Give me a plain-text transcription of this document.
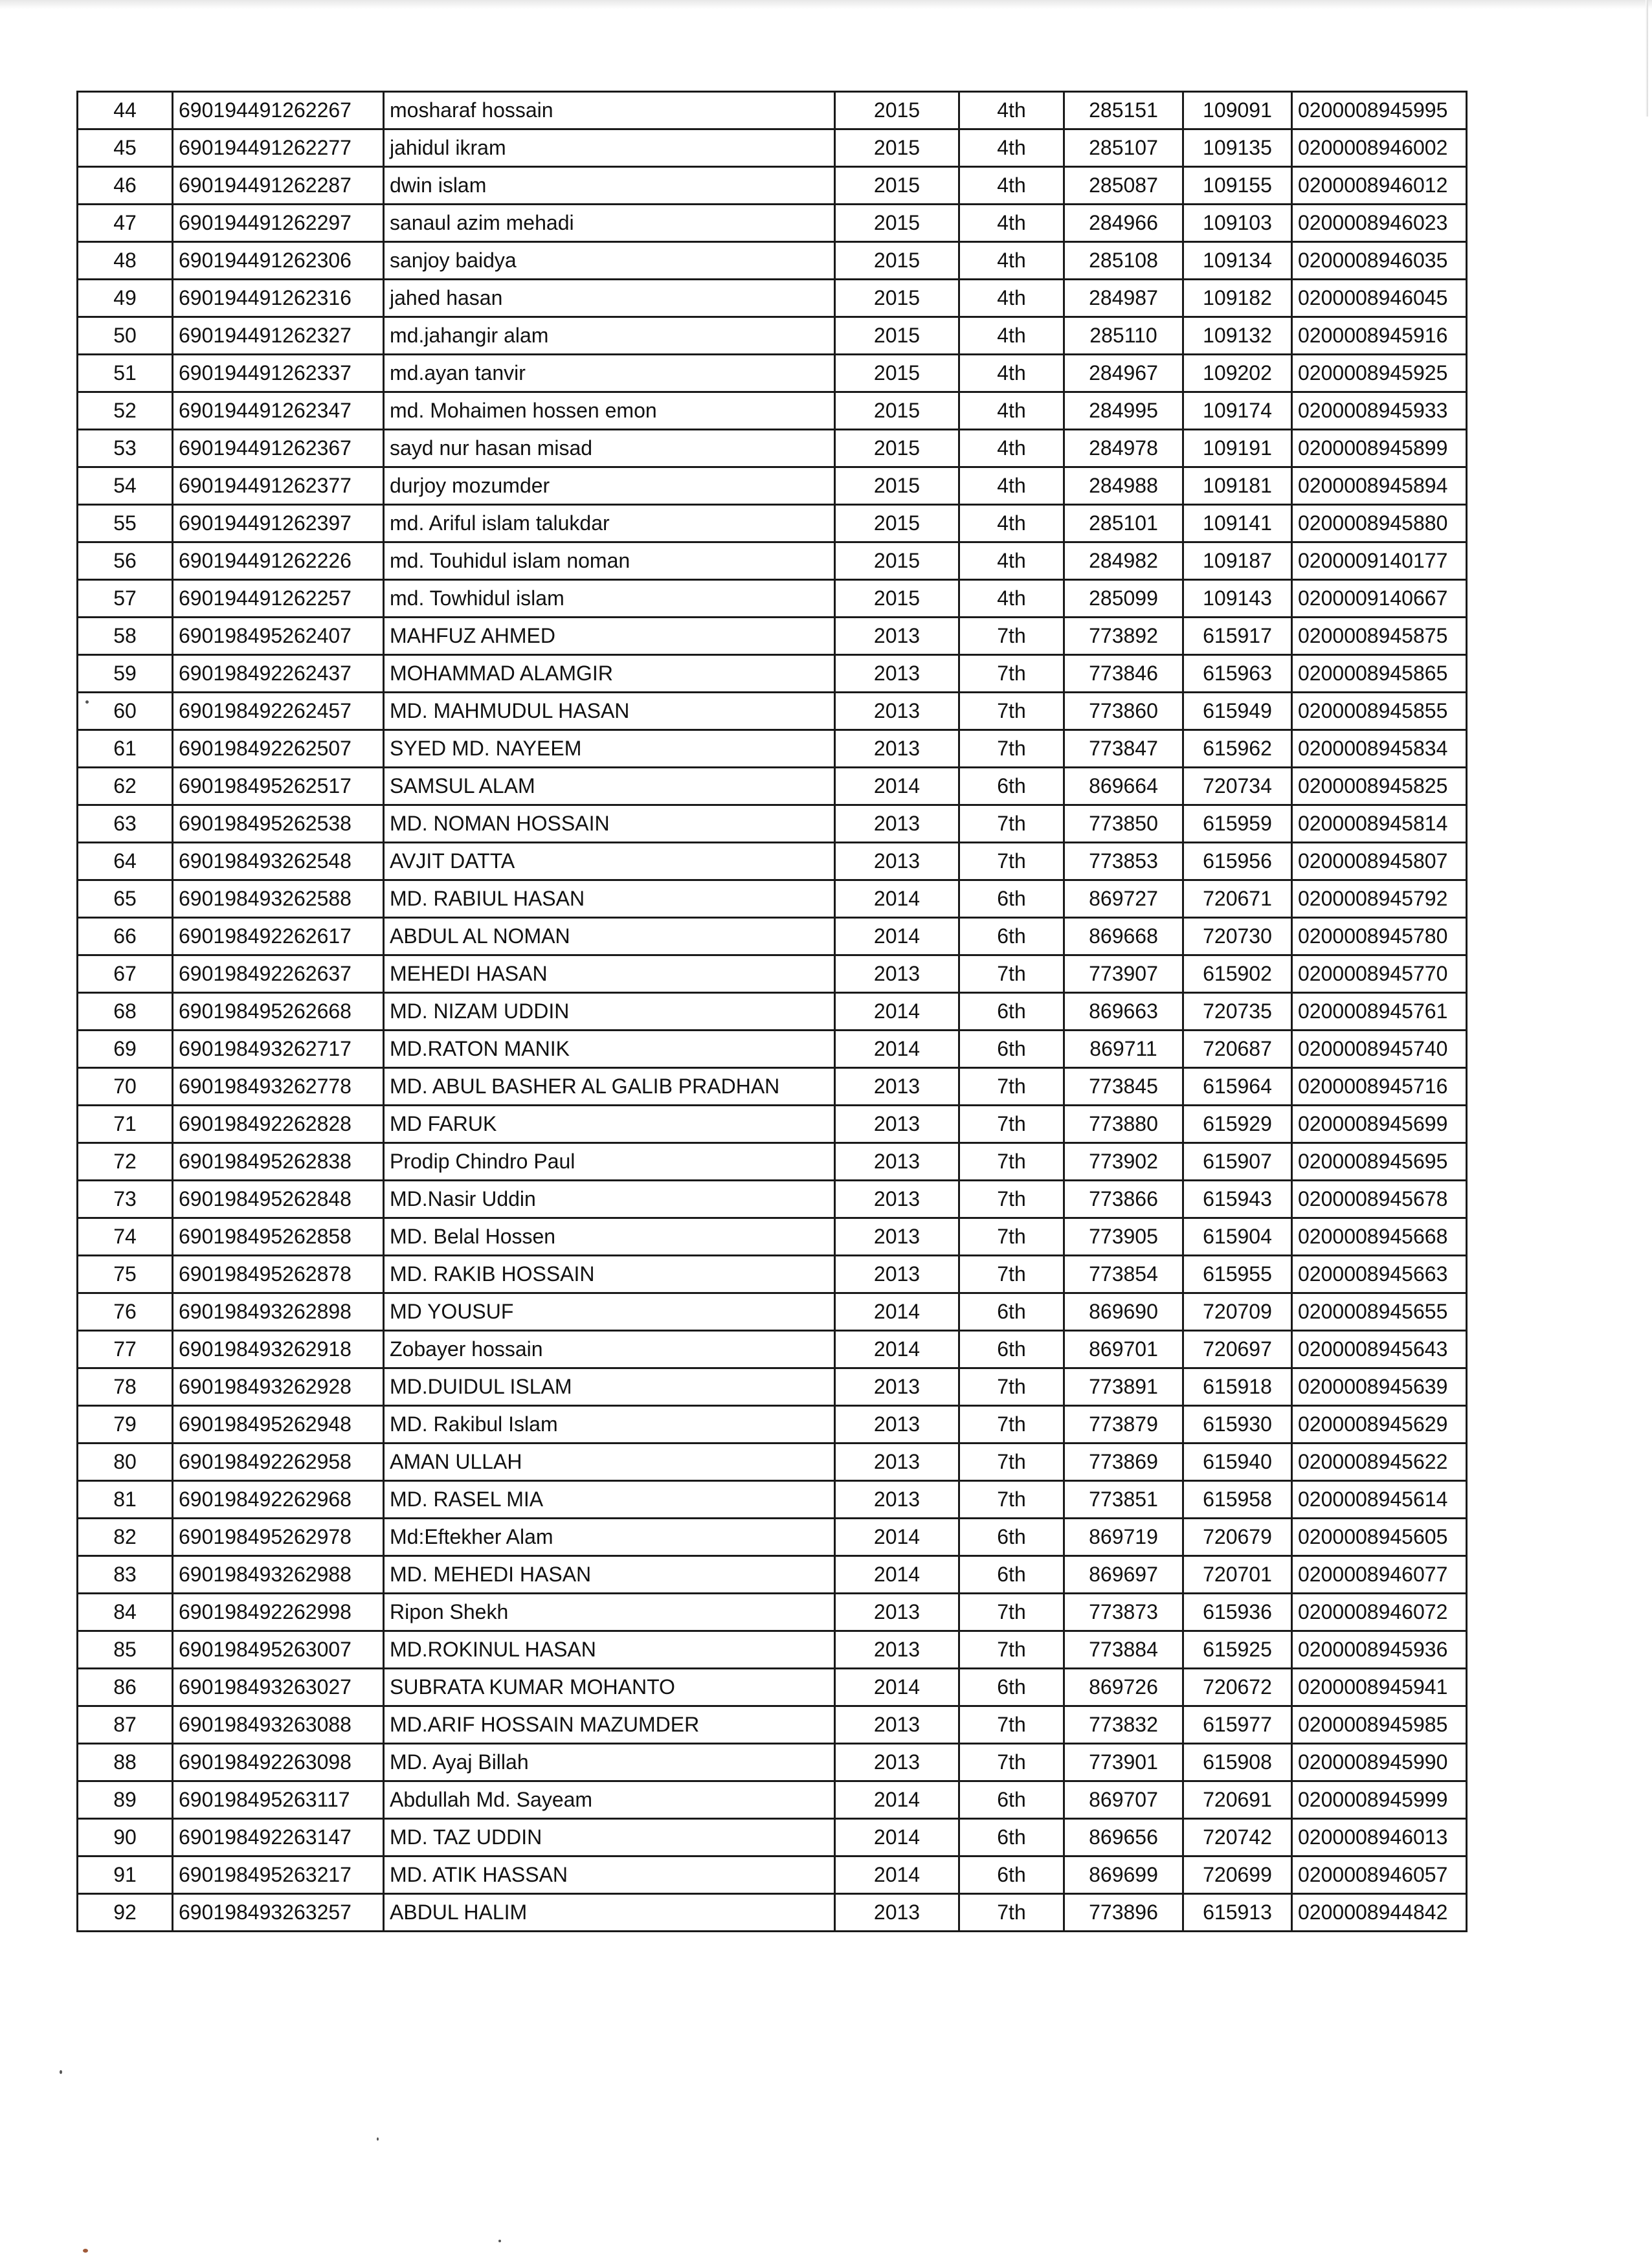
44	690194491262267	mosharaf hossain	2015	4th	285151	109091	0200008945995
45	690194491262277	jahidul ikram	2015	4th	285107	109135	0200008946002
46	690194491262287	dwin islam	2015	4th	285087	109155	0200008946012
47	690194491262297	sanaul azim mehadi	2015	4th	284966	109103	0200008946023
48	690194491262306	sanjoy baidya	2015	4th	285108	109134	0200008946035
49	690194491262316	jahed hasan	2015	4th	284987	109182	0200008946045
50	690194491262327	md.jahangir alam	2015	4th	285110	109132	0200008945916
51	690194491262337	md.ayan tanvir	2015	4th	284967	109202	0200008945925
52	690194491262347	md. Mohaimen hossen emon	2015	4th	284995	109174	0200008945933
53	690194491262367	sayd nur hasan misad	2015	4th	284978	109191	0200008945899
54	690194491262377	durjoy mozumder	2015	4th	284988	109181	0200008945894
55	690194491262397	md. Ariful islam talukdar	2015	4th	285101	109141	0200008945880
56	690194491262226	md. Touhidul islam noman	2015	4th	284982	109187	0200009140177
57	690194491262257	md. Towhidul islam	2015	4th	285099	109143	0200009140667
58	690198495262407	MAHFUZ AHMED	2013	7th	773892	615917	0200008945875
59	690198492262437	MOHAMMAD ALAMGIR	2013	7th	773846	615963	0200008945865
60	690198492262457	MD. MAHMUDUL HASAN	2013	7th	773860	615949	0200008945855
61	690198492262507	SYED MD. NAYEEM	2013	7th	773847	615962	0200008945834
62	690198495262517	SAMSUL ALAM	2014	6th	869664	720734	0200008945825
63	690198495262538	MD. NOMAN HOSSAIN	2013	7th	773850	615959	0200008945814
64	690198493262548	AVJIT DATTA	2013	7th	773853	615956	0200008945807
65	690198493262588	MD. RABIUL HASAN	2014	6th	869727	720671	0200008945792
66	690198492262617	ABDUL AL NOMAN	2014	6th	869668	720730	0200008945780
67	690198492262637	MEHEDI HASAN	2013	7th	773907	615902	0200008945770
68	690198495262668	MD. NIZAM UDDIN	2014	6th	869663	720735	0200008945761
69	690198493262717	MD.RATON MANIK	2014	6th	869711	720687	0200008945740
70	690198493262778	MD. ABUL BASHER AL GALIB PRADHAN	2013	7th	773845	615964	0200008945716
71	690198492262828	MD FARUK	2013	7th	773880	615929	0200008945699
72	690198495262838	Prodip Chindro Paul	2013	7th	773902	615907	0200008945695
73	690198495262848	MD.Nasir Uddin	2013	7th	773866	615943	0200008945678
74	690198495262858	MD. Belal Hossen	2013	7th	773905	615904	0200008945668
75	690198495262878	MD. RAKIB HOSSAIN	2013	7th	773854	615955	0200008945663
76	690198493262898	MD YOUSUF	2014	6th	869690	720709	0200008945655
77	690198493262918	Zobayer hossain	2014	6th	869701	720697	0200008945643
78	690198493262928	MD.DUIDUL ISLAM	2013	7th	773891	615918	0200008945639
79	690198495262948	MD. Rakibul Islam	2013	7th	773879	615930	0200008945629
80	690198492262958	AMAN ULLAH	2013	7th	773869	615940	0200008945622
81	690198492262968	MD. RASEL MIA	2013	7th	773851	615958	0200008945614
82	690198495262978	Md:Eftekher Alam	2014	6th	869719	720679	0200008945605
83	690198493262988	MD. MEHEDI HASAN	2014	6th	869697	720701	0200008946077
84	690198492262998	Ripon Shekh	2013	7th	773873	615936	0200008946072
85	690198495263007	MD.ROKINUL HASAN	2013	7th	773884	615925	0200008945936
86	690198493263027	SUBRATA KUMAR MOHANTO	2014	6th	869726	720672	0200008945941
87	690198493263088	MD.ARIF HOSSAIN MAZUMDER	2013	7th	773832	615977	0200008945985
88	690198492263098	MD. Ayaj Billah	2013	7th	773901	615908	0200008945990
89	690198495263117	Abdullah Md. Sayeam	2014	6th	869707	720691	0200008945999
90	690198492263147	MD. TAZ UDDIN	2014	6th	869656	720742	0200008946013
91	690198495263217	MD. ATIK HASSAN	2014	6th	869699	720699	0200008946057
92	690198493263257	ABDUL HALIM	2013	7th	773896	615913	0200008944842
